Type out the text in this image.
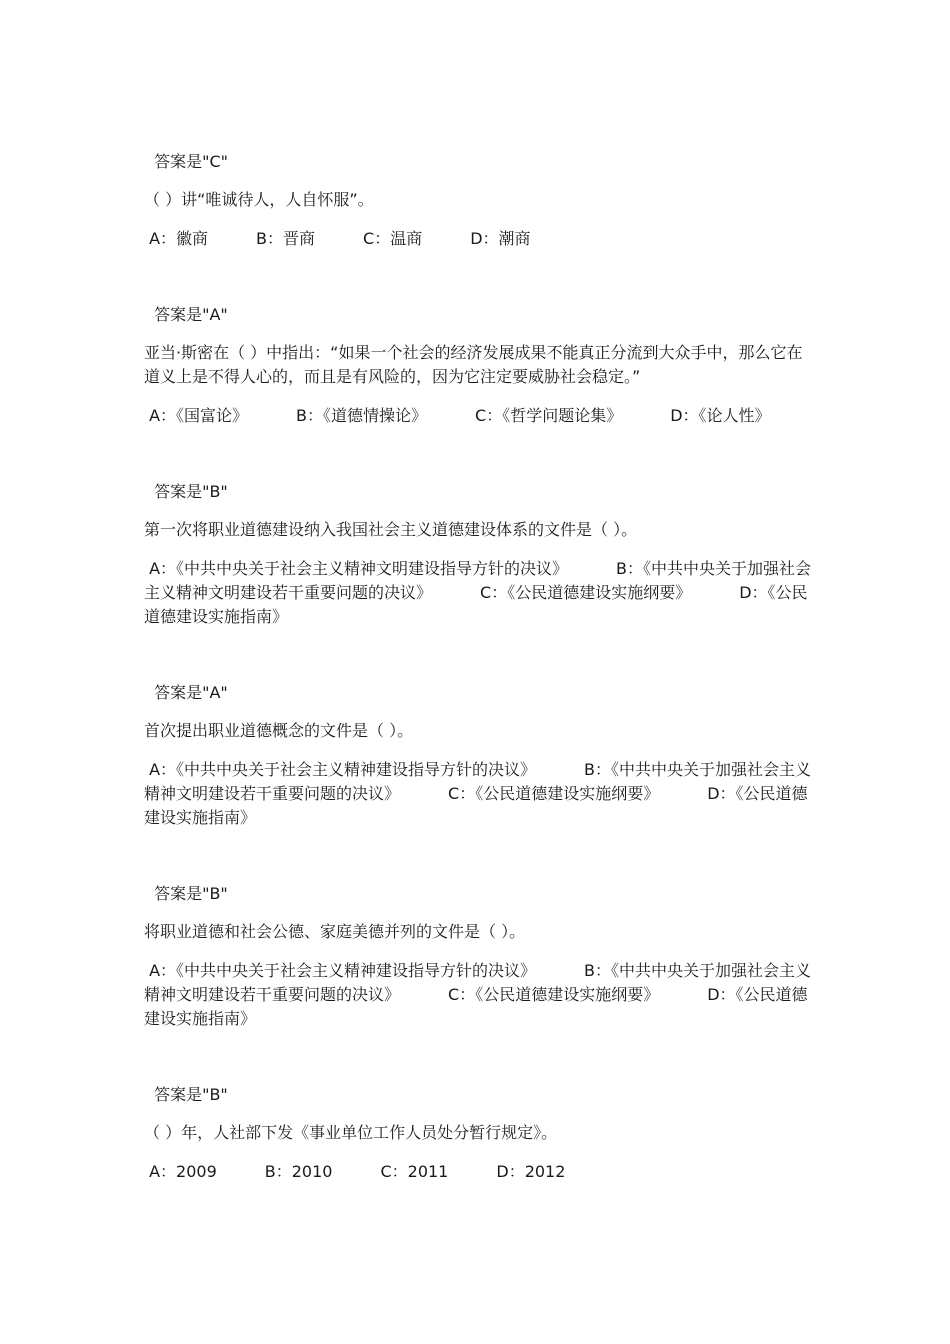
答案是"C"
（ ）讲“唯诚待人，人自怀服”。
A：徽商	B：晋商	C：温商	D：潮商
答案是"A"
亚当·斯密在（ ）中指出：“如果一个社会的经济发展成果不能真正分流到大众手中，那么它在道义上是不得人心的，而且是有风险的，因为它注定要威胁社会稳定。”
A：《国富论》	B：《道德情操论》	C：《哲学问题论集》	D：《论人性》
答案是"B"
第一次将职业道德建设纳入我国社会主义道德建设体系的文件是（ ）。
A：《中共中央关于社会主义精神文明建设指导方针的决议》	B：《中共中央关于加强社会主义精神文明建设若干重要问题的决议》	C：《公民道德建设实施纲要》	D：《公民道德建设实施指南》
答案是"A"
首次提出职业道德概念的文件是（ ）。
A：《中共中央关于社会主义精神建设指导方针的决议》	B：《中共中央关于加强社会主义精神文明建设若干重要问题的决议》	C：《公民道德建设实施纲要》	D：《公民道德建设实施指南》
答案是"B"
将职业道德和社会公德、家庭美德并列的文件是（ ）。
A：《中共中央关于社会主义精神建设指导方针的决议》	B：《中共中央关于加强社会主义精神文明建设若干重要问题的决议》	C：《公民道德建设实施纲要》	D：《公民道德建设实施指南》
答案是"B"
（ ）年，人社部下发《事业单位工作人员处分暂行规定》。
A：2009	B：2010	C：2011	D：2012
